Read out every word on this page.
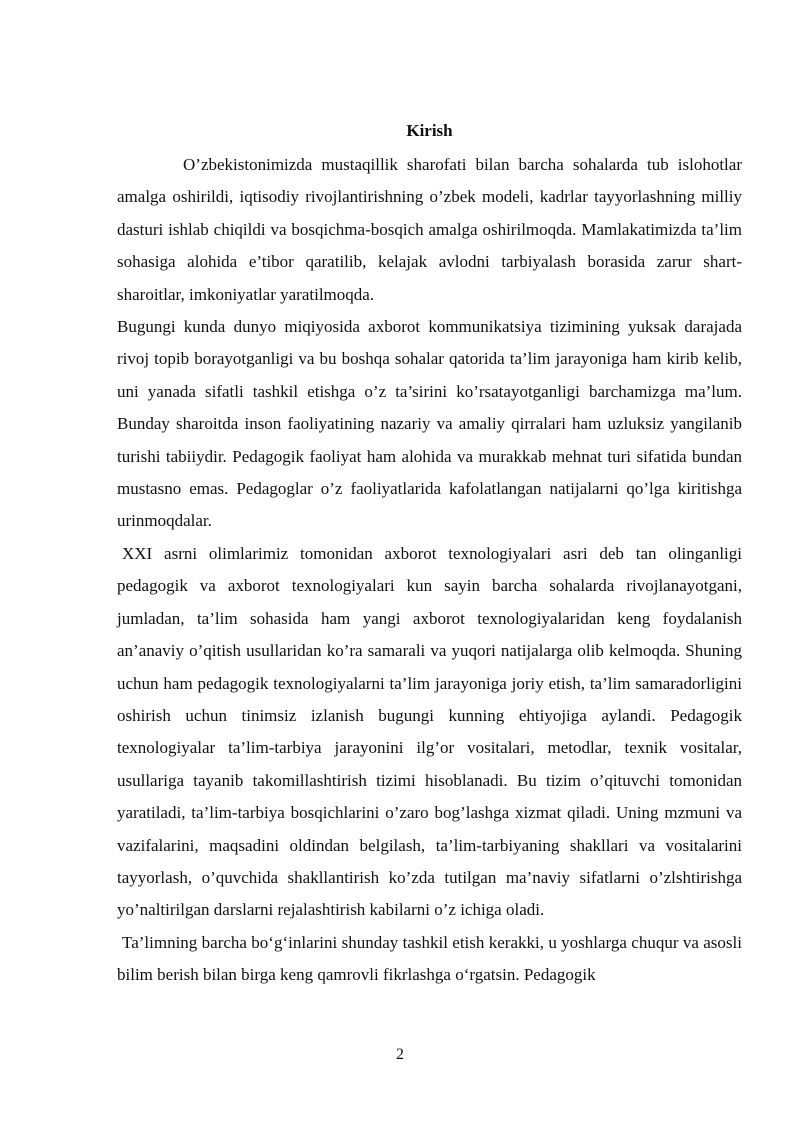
Kirish

O’zbekistonimizda mustaqillik sharofati bilan barcha sohalarda tub islohotlar amalga oshirildi, iqtisodiy rivojlantirishning o’zbek modeli, kadrlar tayyorlashning milliy dasturi ishlab chiqildi va bosqichma-bosqich amalga oshirilmoqda. Mamlakatimizda ta’lim sohasiga alohida e’tibor qaratilib, kelajak avlodni tarbiyalash borasida zarur shart-sharoitlar, imkoniyatlar yaratilmoqda.

Bugungi kunda dunyo miqiyosida axborot kommunikatsiya tizimining yuksak darajada rivoj topib borayotganligi va bu boshqa sohalar qatorida ta’lim jarayoniga ham kirib kelib, uni yanada sifatli tashkil etishga o’z ta’sirini ko’rsatayotganligi barchamizga ma’lum. Bunday sharoitda inson faoliyatining nazariy va amaliy qirralari ham uzluksiz yangilanib turishi tabiiydir. Pedagogik faoliyat ham alohida va murakkab mehnat turi sifatida bundan mustasno emas. Pedagoglar o’z faoliyatlarida kafolatlangan natijalarni qo’lga kiritishga urinmoqdalar.

XXI asrni olimlarimiz tomonidan axborot texnologiyalari asri deb tan olinganligi pedagogik va axborot texnologiyalari kun sayin barcha sohalarda rivojlanayotgani, jumladan, ta’lim sohasida ham yangi axborot texnologiyalaridan keng foydalanish an’anaviy o’qitish usullaridan ko’ra samarali va yuqori natijalarga olib kelmoqda. Shuning uchun ham pedagogik texnologiyalarni ta’lim jarayoniga joriy etish, ta’lim samaradorligini oshirish uchun tinimsiz izlanish bugungi kunning ehtiyojiga aylandi. Pedagogik texnologiyalar ta’lim-tarbiya jarayonini ilg’or vositalari, metodlar, texnik vositalar, usullariga tayanib takomillashtirish tizimi hisoblanadi. Bu tizim o’qituvchi tomonidan yaratiladi, ta’lim-tarbiya bosqichlarini o’zaro bog’lashga xizmat qiladi. Uning mzmuni va vazifalarini, maqsadini oldindan belgilash, ta’lim-tarbiyaning shakllari va vositalarini tayyorlash, o’quvchida shakllantirish ko’zda tutilgan ma’naviy sifatlarni o’zlshtirishga yo’naltirilgan darslarni rejalashtirish kabilarni o’z ichiga oladi.

Ta’limning barcha bo‘g‘inlarini shunday tashkil etish kerakki, u yoshlarga chuqur va asosli bilim berish bilan birga keng qamrovli fikrlashga o‘rgatsin. Pedagogik

2
